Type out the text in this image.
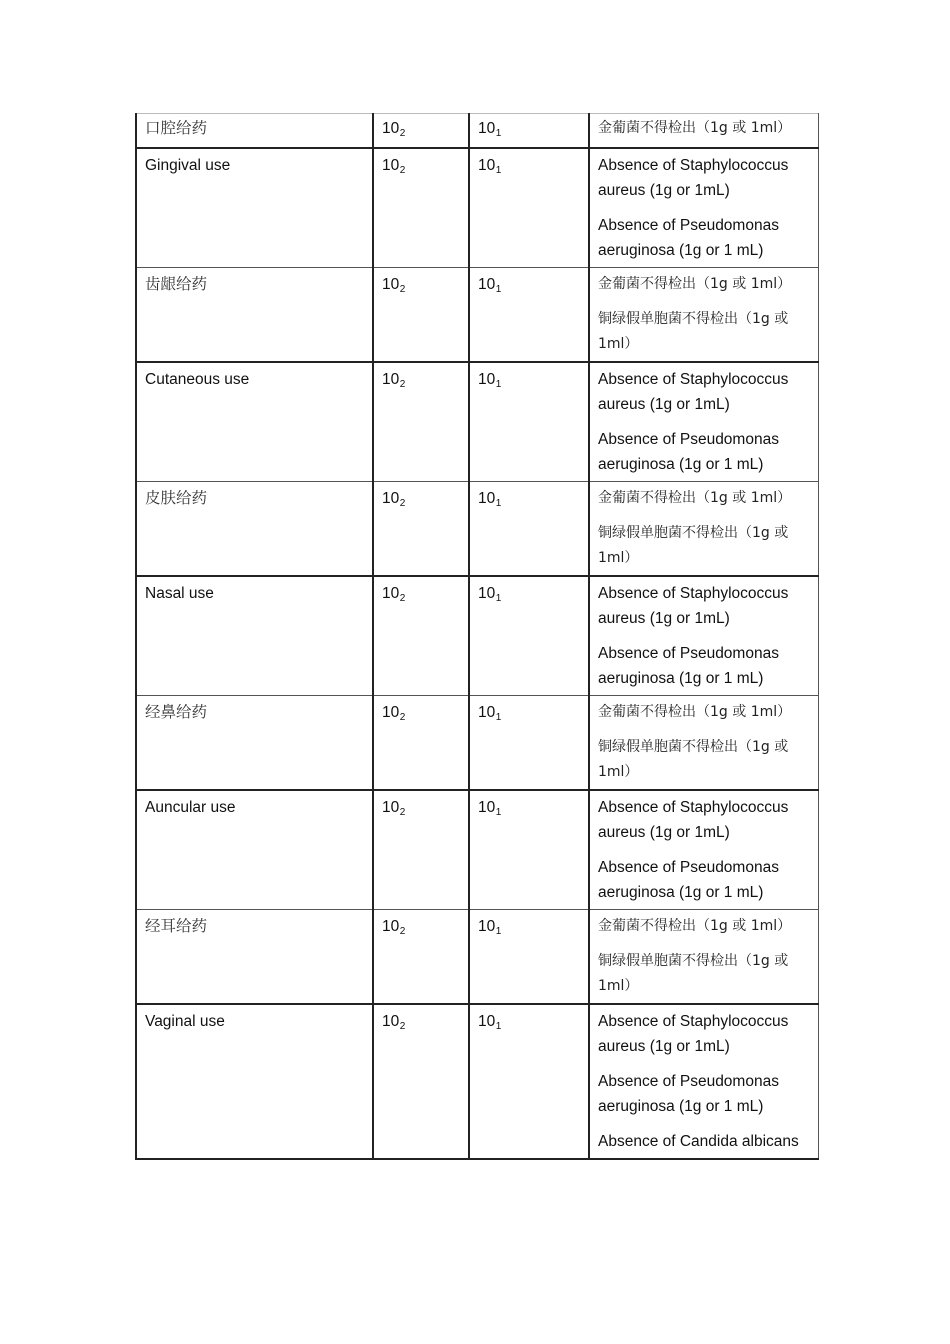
口腔给药	102	101	金葡菌不得检出（1g 或 1ml）

Gingival use	102	101	Absence of Staphylococcus aureus (1g or 1mL)

Absence of Pseudomonas aeruginosa (1g or 1 mL)

齿龈给药	102	101	金葡菌不得检出（1g 或 1ml）

铜绿假单胞菌不得检出（1g 或 1ml）

Cutaneous use	102	101	Absence of Staphylococcus aureus (1g or 1mL)

Absence of Pseudomonas aeruginosa (1g or 1 mL)

皮肤给药	102	101	金葡菌不得检出（1g 或 1ml）

铜绿假单胞菌不得检出（1g 或 1ml）

Nasal use	102	101	Absence of Staphylococcus aureus (1g or 1mL)

Absence of Pseudomonas aeruginosa (1g or 1 mL)

经鼻给药	102	101	金葡菌不得检出（1g 或 1ml）

铜绿假单胞菌不得检出（1g 或 1ml）

Auncular use	102	101	Absence of Staphylococcus aureus (1g or 1mL)

Absence of Pseudomonas aeruginosa (1g or 1 mL)

经耳给药	102	101	金葡菌不得检出（1g 或 1ml）

铜绿假单胞菌不得检出（1g 或 1ml）

Vaginal use	102	101	Absence of Staphylococcus aureus (1g or 1mL)

Absence of Pseudomonas aeruginosa (1g or 1 mL)

Absence of Candida albicans
